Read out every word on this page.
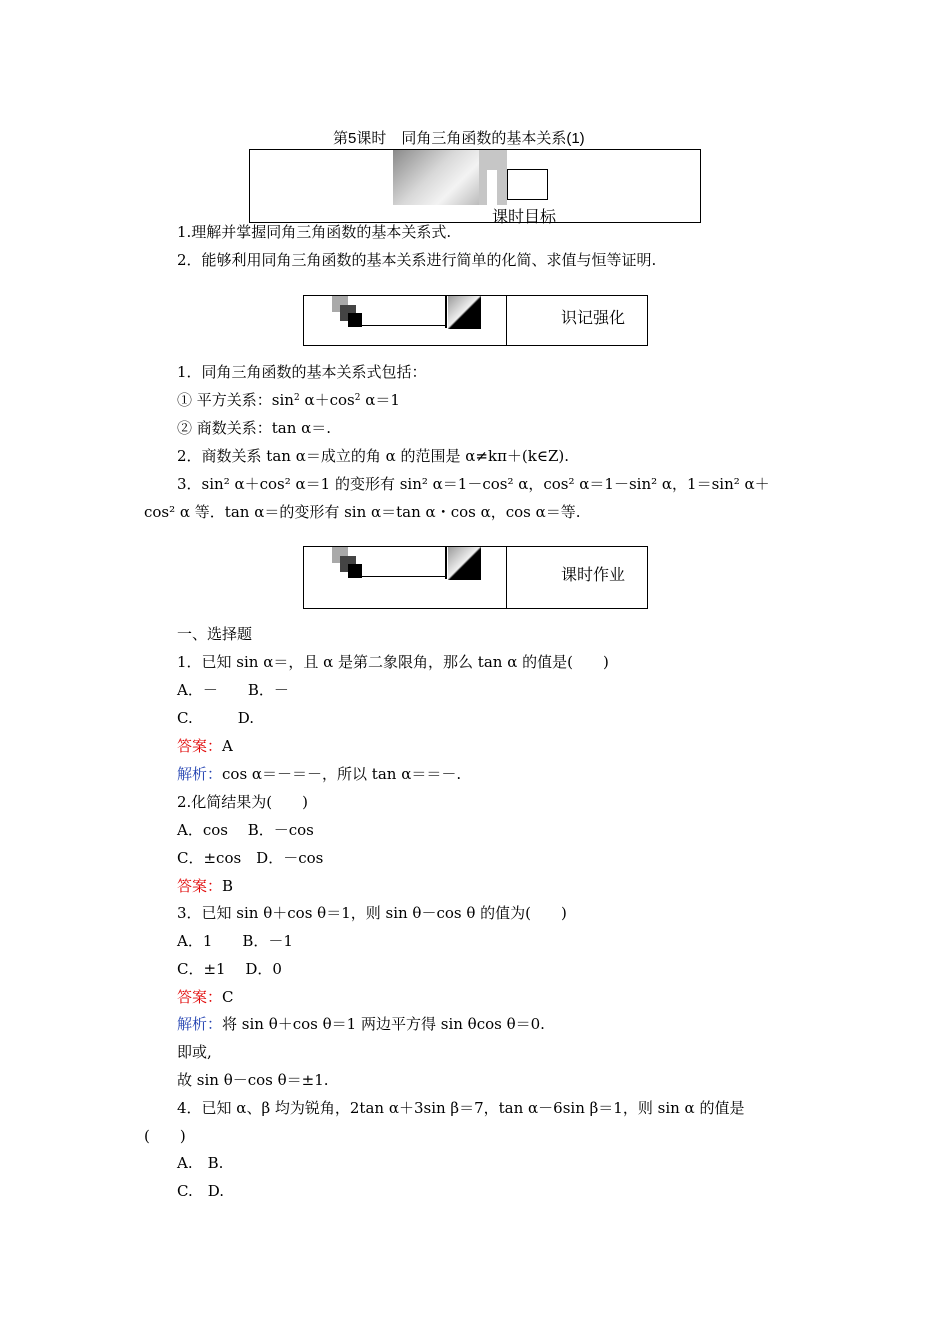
第5课时　同角三角函数的基本关系(1)
课时目标
1.理解并掌握同角三角函数的基本关系式.
2．能够利用同角三角函数的基本关系进行简单的化简、求值与恒等证明.
识记强化
1．同角三角函数的基本关系式包括：
① 平方关系：$\sin^2 \alpha+\cos^2$ α＝1
② 商数关系：tan α＝.
2．商数关系 tan α＝成立的角 α 的范围是 α≠kπ＋(k∈Z).
3．sin² α＋cos² α＝1 的变形有 sin² α＝1－cos² α，cos² α＝1－sin² α，1＝sin² α＋
cos² α 等．tan α＝的变形有 sin α＝tan α・cos α，cos α＝等.
课时作业
一、选择题
1．已知 sin α＝，且 α 是第二象限角，那么 tan α 的值是(　　)
A．－　　B．－
C.　　　D.
答案：A
解析：cos α＝－＝－，所以 tan α＝＝－.
2.化简结果为(　　)
A．cos　 B．－cos
C．±cos　D．－cos
答案：B
3．已知 sin θ＋cos θ＝1，则 sin θ－cos θ 的值为(　　)
A．1　　B．－1
C．±1　 D．0
答案：C
解析：将 sin θ＋cos θ＝1 两边平方得 sin θcos θ＝0.
即或,
故 sin θ－cos θ＝±1.
4．已知 α、β 均为锐角，2tan α＋3sin β＝7，tan α－6sin β＝1，则 sin α 的值是
(　　)
A.　B.
C.　D.
